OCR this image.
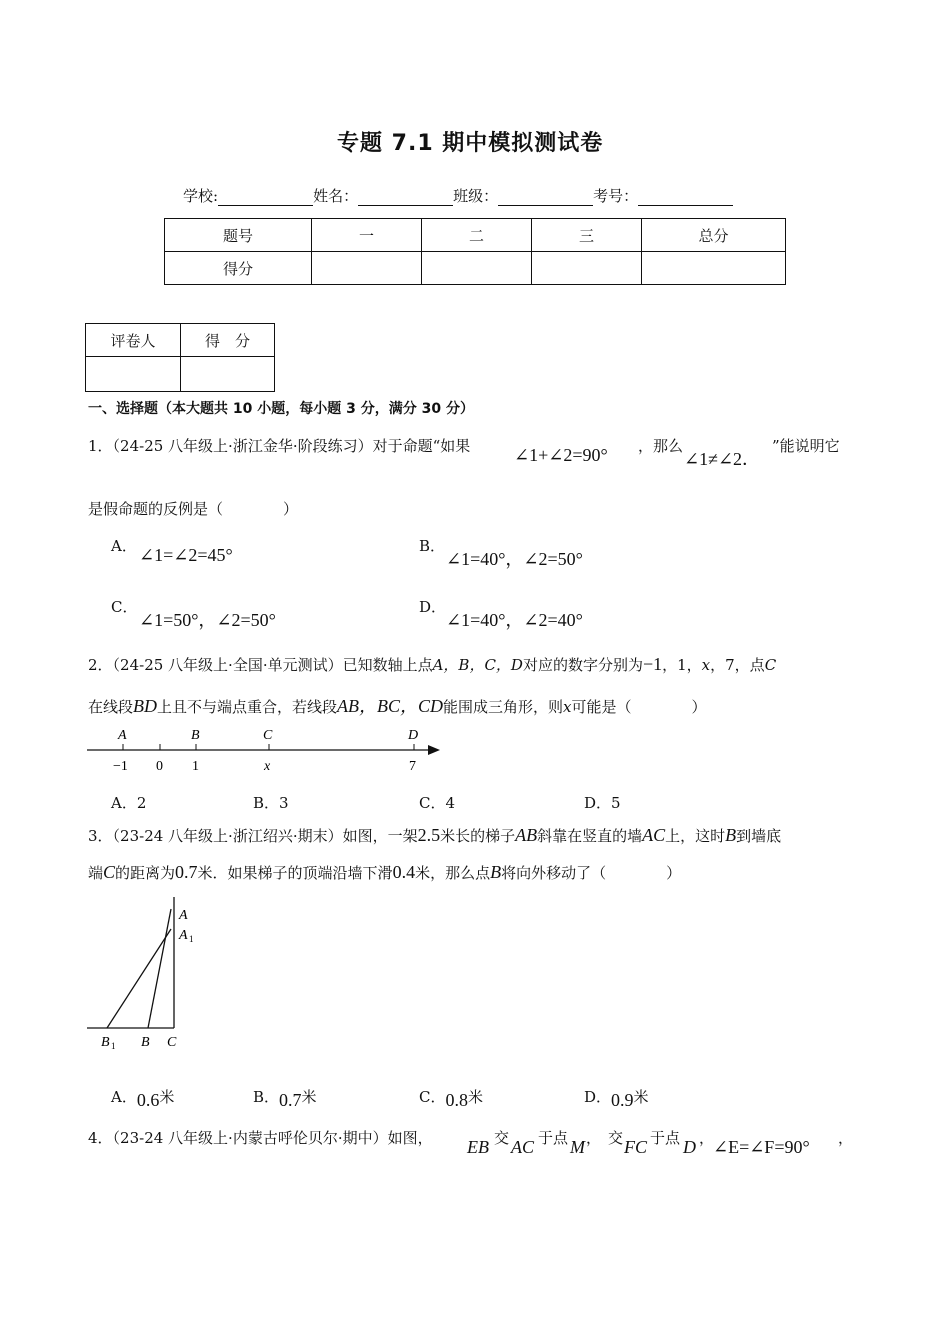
专题 7.1 期中模拟测试卷
学校:	姓名：	班级：	考号：
题号	一	二	三	总分
得分				
评卷人	得　分

一、选择题（本大题共 10 小题，每小题 3 分，满分 30 分）
1．（24-25 八年级上·浙江金华·阶段练习）对于命题“如果 ∠1+∠2=90° ，那么
∠1≠∠2．
”能说明它
是假命题的反例是（　　　　）
A． ∠1=∠2=45°	B．
∠1=40°，∠2=50°
C．
∠1=50°，∠2=50°
D．
∠1=40°，∠2=40°
2．（24-25 八年级上·全国·单元测试）已知数轴上点A，B，C，D对应的数字分别为−1，1，x，7，点C
在线段BD上且不与端点重合，若线段AB，BC，CD能围成三角形，则x可能是（　　　　）
A	B	C	D
−1 0 1	x	7
A．2	B．3	C．4	D．5
3．（23-24 八年级上·浙江绍兴·期末）如图，一架2.5米长的梯子AB斜靠在竖直的墙AC上，这时B到墙底
端C的距离为0.7米．如果梯子的顶端沿墙下滑0.4米，那么点B将向外移动了（　　　　）
A
A 1
B 1 B C
A．0.6米	B．0.7米	C．0.8米	D．0.9米
4．（23-24 八年级上·内蒙古呼伦贝尔·期中）如图， EB 交 AC 于点 M ， 交 FC 于点 D ，
∠E=∠F=90° ，
